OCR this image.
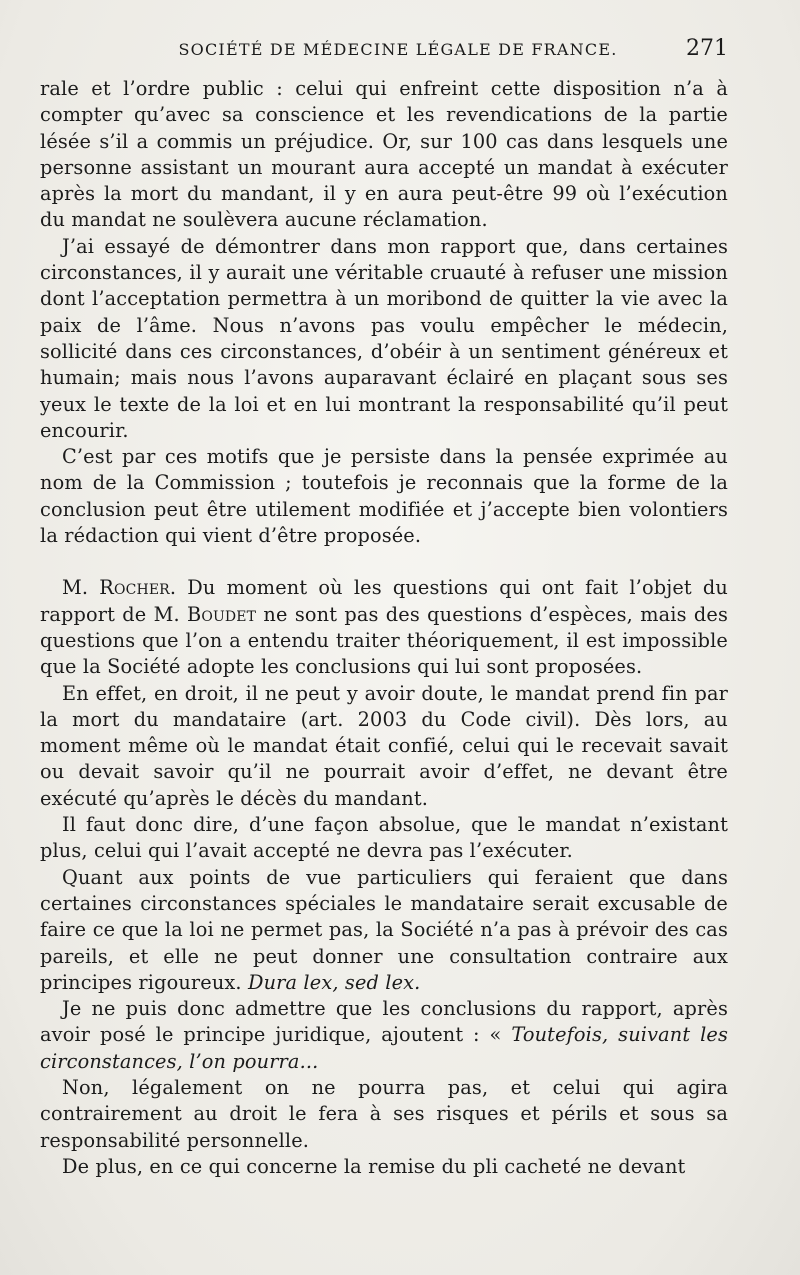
SOCIÉTÉ DE MÉDECINE LÉGALE DE FRANCE.	271

rale et l’ordre public : celui qui enfreint cette disposition n’a à compter qu’avec sa conscience et les revendications de la partie lésée s’il a commis un préjudice. Or, sur 100 cas dans lesquels une personne assistant un mourant aura accepté un mandat à exécuter après la mort du mandant, il y en aura peut-être 99 où l’exécution du mandat ne soulèvera aucune réclamation.

J’ai essayé de démontrer dans mon rapport que, dans certaines circonstances, il y aurait une véritable cruauté à refuser une mission dont l’acceptation permettra à un moribond de quitter la vie avec la paix de l’âme. Nous n’avons pas voulu empêcher le médecin, sollicité dans ces circonstances, d’obéir à un sentiment généreux et humain; mais nous l’avons auparavant éclairé en plaçant sous ses yeux le texte de la loi et en lui montrant la responsabilité qu’il peut encourir.

C’est par ces motifs que je persiste dans la pensée exprimée au nom de la Commission ; toutefois je reconnais que la forme de la conclusion peut être utilement modifiée et j’accepte bien volontiers la rédaction qui vient d’être proposée.

M. Rocher. Du moment où les questions qui ont fait l’objet du rapport de M. Boudet ne sont pas des questions d’espèces, mais des questions que l’on a entendu traiter théoriquement, il est impossible que la Société adopte les conclusions qui lui sont proposées.

En effet, en droit, il ne peut y avoir doute, le mandat prend fin par la mort du mandataire (art. 2003 du Code civil). Dès lors, au moment même où le mandat était confié, celui qui le recevait savait ou devait savoir qu’il ne pourrait avoir d’effet, ne devant être exécuté qu’après le décès du mandant.

Il faut donc dire, d’une façon absolue, que le mandat n’existant plus, celui qui l’avait accepté ne devra pas l’exécuter.

Quant aux points de vue particuliers qui feraient que dans certaines circonstances spéciales le mandataire serait excusable de faire ce que la loi ne permet pas, la Société n’a pas à prévoir des cas pareils, et elle ne peut donner une consultation contraire aux principes rigoureux. Dura lex, sed lex.

Je ne puis donc admettre que les conclusions du rapport, après avoir posé le principe juridique, ajoutent : « Toutefois, suivant les circonstances, l’on pourra...

Non, légalement on ne pourra pas, et celui qui agira contrairement au droit le fera à ses risques et périls et sous sa responsabilité personnelle.

De plus, en ce qui concerne la remise du pli cacheté ne devant
